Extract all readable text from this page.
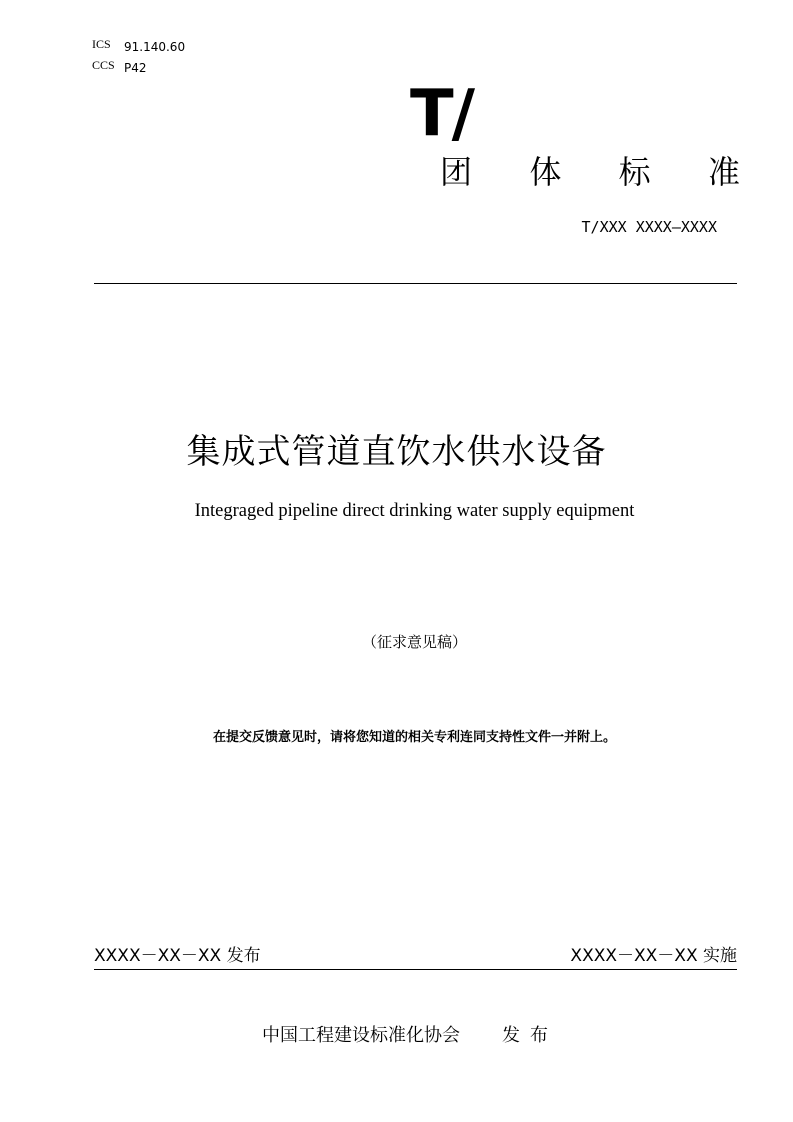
ICS 91.140.60
CCS P42
T/
团 体 标 准
T/XXX XXXX—XXXX
集成式管道直饮水供水设备
Integraged pipeline direct drinking water supply equipment
（征求意见稿）
在提交反馈意见时，请将您知道的相关专利连同支持性文件一并附上。
XXXX－XX－XX 发布	XXXX－XX－XX 实施
中国工程建设标准化协会 发布
